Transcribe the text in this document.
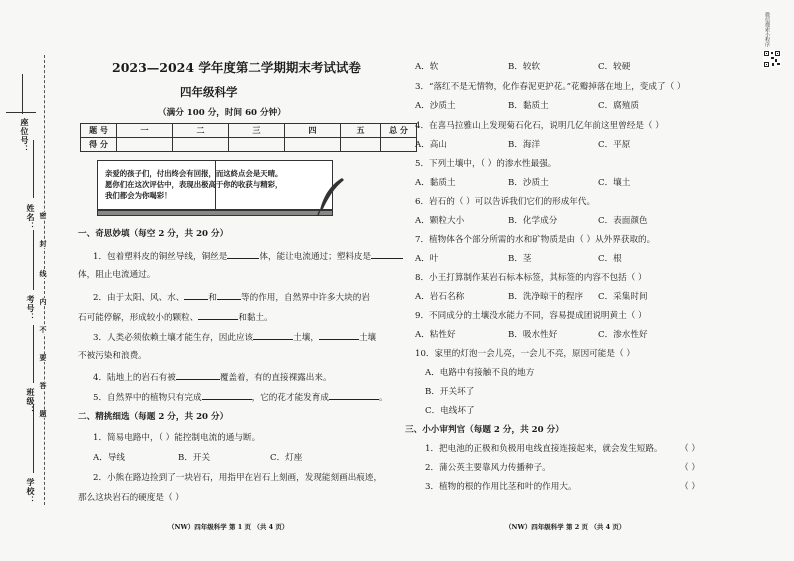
微信搜索小程序
座位号：
姓名：
考号：
班级：
学校：
密
封
线
内
不
要
答
题
2023—2024 学年度第二学期期末考试试卷
四年级科学
（满分 100 分，时间 60 分钟）
题 号	一	二	三	四	五	总 分
得 分						
亲爱的孩子们，付出终会有回报，而这終点会是天晴。
愿你们在这次评估中，表现出极高于你的收获与精彩，
我们都会为你喝彩！
一、奇思妙填（每空 2 分，共 20 分）
1．包着塑料皮的铜丝导线，铜丝是	体，能让电流通过；塑料皮是
体，阻止电流通过。
2．由于太阳、风、水、	和	等的作用，自然界中许多大块的岩
石可能停解，形成较小的颗粒、	和黏土。
3．人类必须依赖土壤才能生存，因此应该	土壤，	土壤
不被污染和浪费。
4．陆地上的岩石有被	覆盖着，有的直接裸露出来。
5．自然界中的植物只有完成	，它的花才能发育成	。
二、精挑细选（每题 2 分，共 20 分）
1．简易电路中，（ ）能控制电流的通与断。
A．导线	B．开关	C．灯座
2．小熊在路边捡到了一块岩石，用指甲在岩石上刻画，发现能刻画出痕迹，
那么这块岩石的硬度是（ ）
（NW）四年级科学 第 1 页 （共 4 页）
A．软	B．较软	C．较硬
3．“落红不是无情物，化作春泥更护花。”花瓣掉落在地上，变成了（ ）
A．沙质土	B．黏质土	C．腐殖质
4．在喜马拉雅山上发现菊石化石，说明几亿年前这里曾经是（ ）
A．高山	B．海洋	C．平原
5．下列土壤中，（ ）的渗水性最强。
A．黏质土	B．沙质土	C．壤土
6．岩石的（ ）可以告诉我们它们的形成年代。
A．颗粒大小	B．化学成分	C．表面颜色
7．植物体各个部分所需的水和矿物质是由（ ）从外界获取的。
A．叶	B．茎	C．根
8．小王打算制作某岩石标本标签，其标签的内容不包括（ ）
A．岩石名称	B．洗净晾干的程序 C．采集时间
9．不同成分的土壤没水能力不同，容易提成团说明黄土（ ）
A．粘性好	B．吸水性好	C．渗水性好
10．家里的灯泡一会儿亮，一会儿不亮，原因可能是（ ）
A．电路中有接触不良的地方
B．开关坏了
C．电线坏了
三、小小审判官（每题 2 分，共 20 分）
1．把电池的正极和负极用电线直接连接起来，就会发生短路。 （ ）
2．蒲公英主要靠风力传播种子。	（ ）
3．植物的根的作用比茎和叶的作用大。	（ ）
（NW）四年级科学 第 2 页 （共 4 页）
